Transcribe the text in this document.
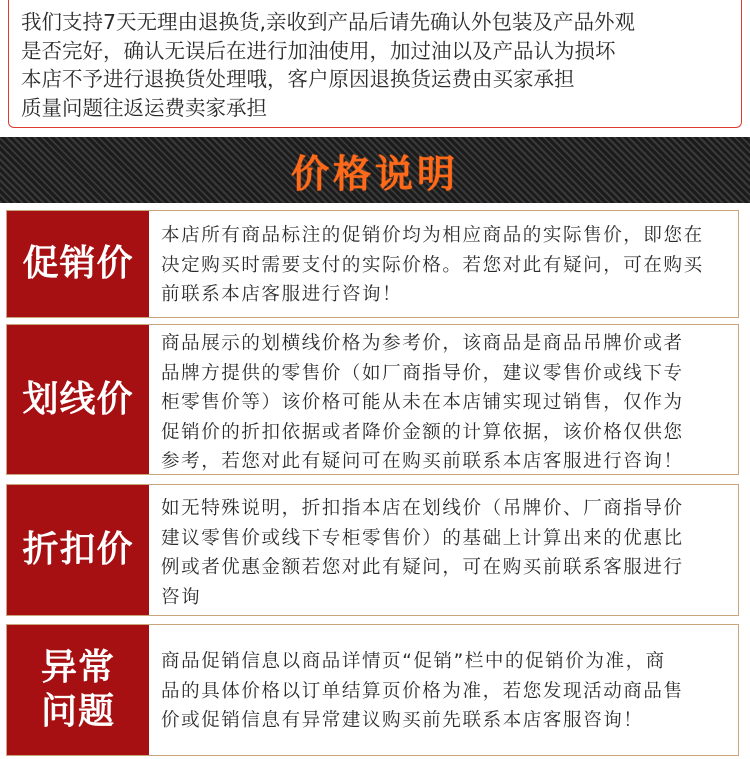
我们支持7天无理由退换货,亲收到产品后请先确认外包装及产品外观
是否完好，确认无误后在进行加油使用，加过油以及产品认为损坏
本店不予进行退换货处理哦，客户原因退换货运费由买家承担
质量问题往返运费卖家承担
价格说明
促销价
本店所有商品标注的促销价均为相应商品的实际售价，即您在
决定购买时需要支付的实际价格。若您对此有疑问，可在购买
前联系本店客服进行咨询！
划线价
商品展示的划横线价格为参考价，该商品是商品吊牌价或者
品牌方提供的零售价（如厂商指导价，建议零售价或线下专
柜零售价等）该价格可能从未在本店铺实现过销售，仅作为
促销价的折扣依据或者降价金额的计算依据，该价格仅供您
参考，若您对此有疑问可在购买前联系本店客服进行咨询！
折扣价
如无特殊说明，折扣指本店在划线价（吊牌价、厂商指导价
建议零售价或线下专柜零售价）的基础上计算出来的优惠比
例或者优惠金额若您对此有疑问，可在购买前联系客服进行
咨询
异常
问题
商品促销信息以商品详情页“促销”栏中的促销价为准，商
品的具体价格以订单结算页价格为准，若您发现活动商品售
价或促销信息有异常建议购买前先联系本店客服咨询！
